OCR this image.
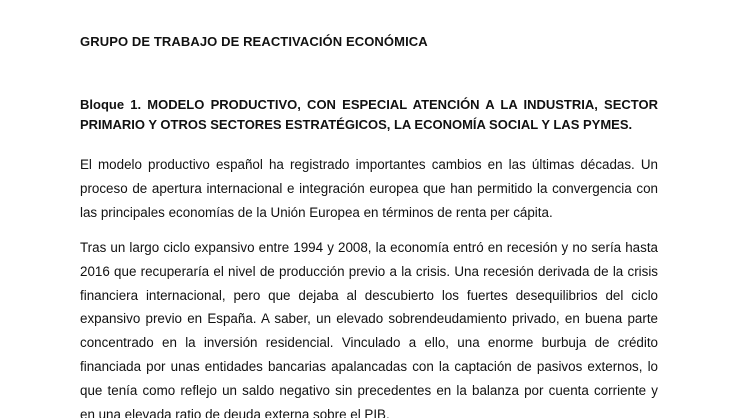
GRUPO DE TRABAJO DE REACTIVACIÓN ECONÓMICA
Bloque 1. MODELO PRODUCTIVO, CON ESPECIAL ATENCIÓN A LA INDUSTRIA, SECTOR
PRIMARIO Y OTROS SECTORES ESTRATÉGICOS, LA ECONOMÍA SOCIAL Y LAS PYMES.
El modelo productivo español ha registrado importantes cambios en las últimas décadas. Un
proceso de apertura internacional e integración europea que han permitido la convergencia con
las principales economías de la Unión Europea en términos de renta per cápita.
Tras un largo ciclo expansivo entre 1994 y 2008, la economía entró en recesión y no sería hasta
2016 que recuperaría el nivel de producción previo a la crisis. Una recesión derivada de la crisis
financiera internacional, pero que dejaba al descubierto los fuertes desequilibrios del ciclo
expansivo previo en España. A saber, un elevado sobrendeudamiento privado, en buena parte
concentrado en la inversión residencial. Vinculado a ello, una enorme burbuja de crédito
financiada por unas entidades bancarias apalancadas con la captación de pasivos externos, lo
que tenía como reflejo un saldo negativo sin precedentes en la balanza por cuenta corriente y
en una elevada ratio de deuda externa sobre el PIB.
